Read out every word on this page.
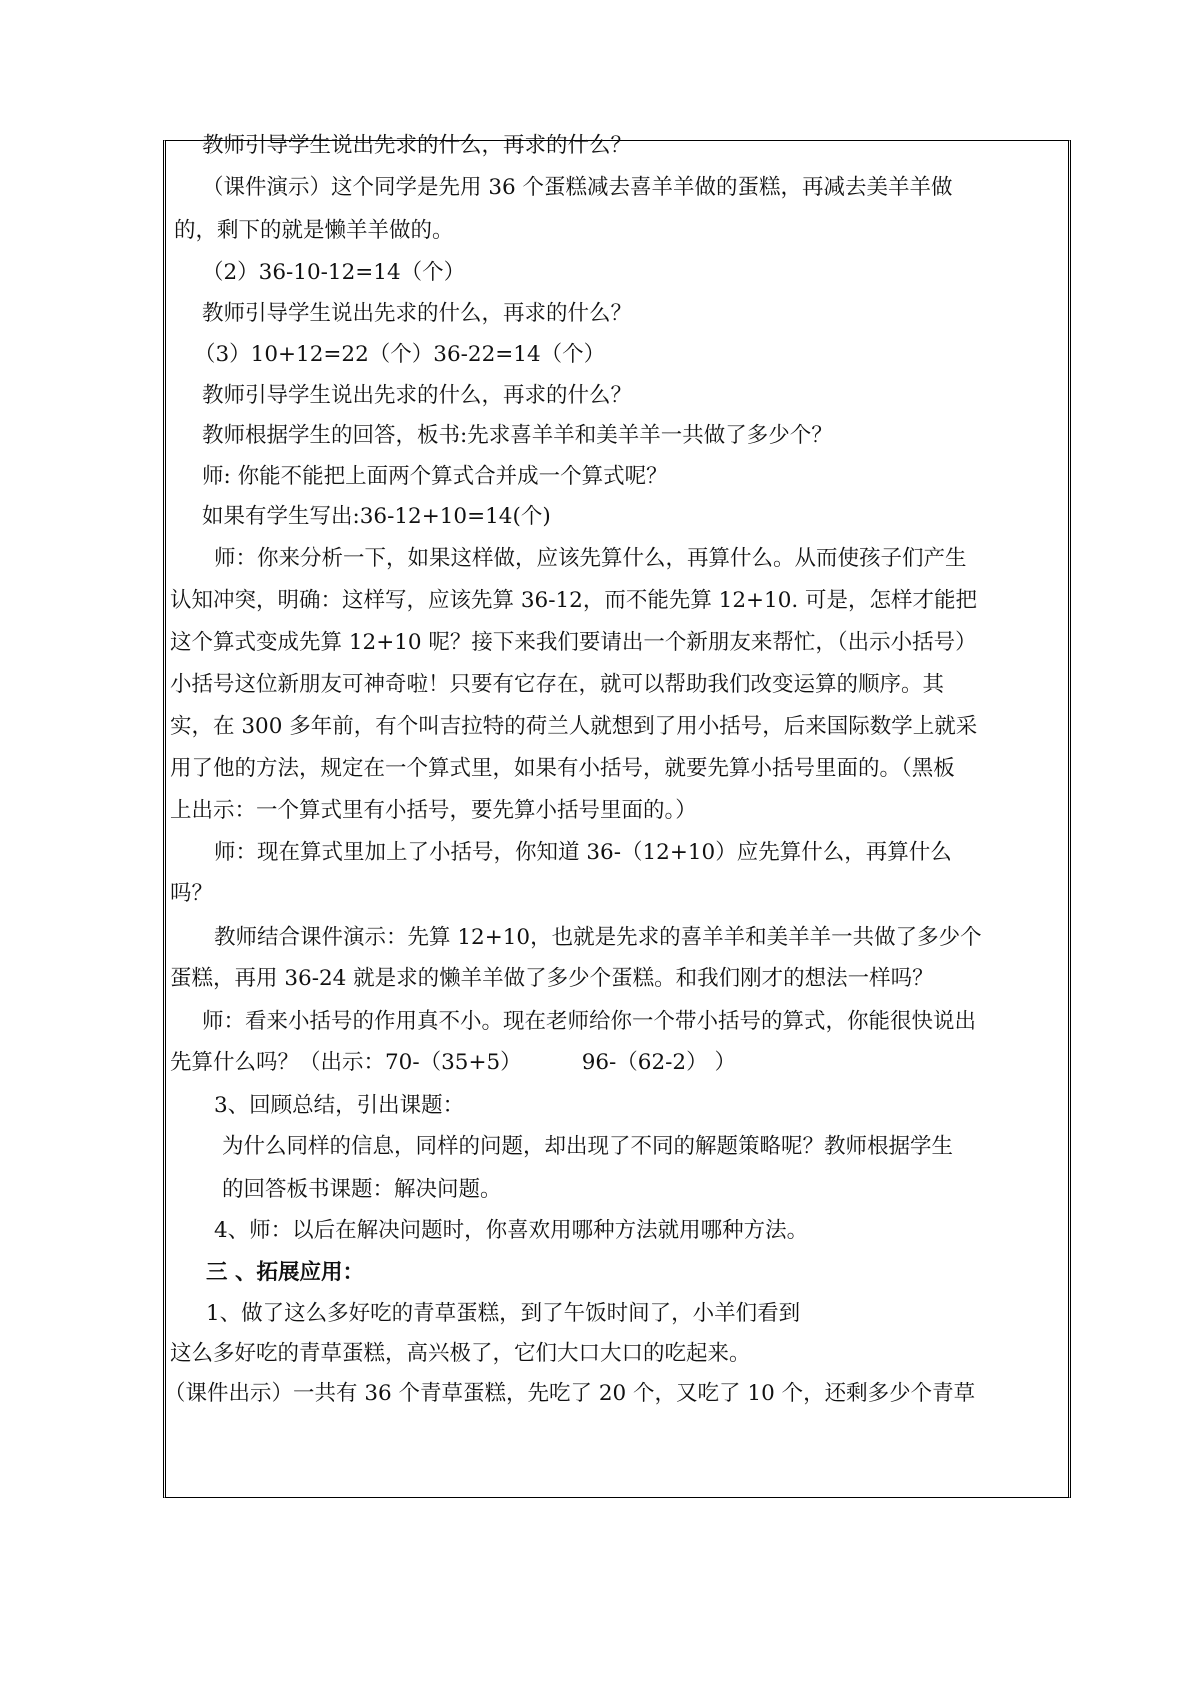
教师引导学生说出先求的什么，再求的什么？
（课件演示）这个同学是先用 36 个蛋糕减去喜羊羊做的蛋糕，再减去美羊羊做
的，剩下的就是懒羊羊做的。
（2）36-10-12=14（个）
教师引导学生说出先求的什么，再求的什么？
（3）10+12=22（个）36-22=14（个）
教师引导学生说出先求的什么，再求的什么？
教师根据学生的回答，板书:先求喜羊羊和美羊羊一共做了多少个？
师: 你能不能把上面两个算式合并成一个算式呢？
如果有学生写出:36-12+10=14(个)
师：你来分析一下，如果这样做，应该先算什么，再算什么。从而使孩子们产生
认知冲突，明确：这样写，应该先算 36-12，而不能先算 12+10. 可是，怎样才能把
这个算式变成先算 12+10 呢？接下来我们要请出一个新朋友来帮忙，（出示小括号）
小括号这位新朋友可神奇啦！只要有它存在，就可以帮助我们改变运算的顺序。其
实，在 300 多年前，有个叫吉拉特的荷兰人就想到了用小括号，后来国际数学上就采
用了他的方法，规定在一个算式里，如果有小括号，就要先算小括号里面的。（黑板
上出示：一个算式里有小括号，要先算小括号里面的。）
师：现在算式里加上了小括号，你知道 36-（12+10）应先算什么，再算什么
吗？
教师结合课件演示：先算 12+10，也就是先求的喜羊羊和美羊羊一共做了多少个
蛋糕，再用 36-24 就是求的懒羊羊做了多少个蛋糕。和我们刚才的想法一样吗？
师：看来小括号的作用真不小。现在老师给你一个带小括号的算式，你能很快说出
先算什么吗？（出示：70-（35+5）	96-（62-2） ）
3、回顾总结，引出课题：
为什么同样的信息，同样的问题，却出现了不同的解题策略呢？教师根据学生
的回答板书课题：解决问题。
4、师：以后在解决问题时，你喜欢用哪种方法就用哪种方法。
三 、拓展应用：
1、做了这么多好吃的青草蛋糕，到了午饭时间了，小羊们看到
这么多好吃的青草蛋糕，高兴极了，它们大口大口的吃起来。
（课件出示）一共有 36 个青草蛋糕，先吃了 20 个，又吃了 10 个，还剩多少个青草
